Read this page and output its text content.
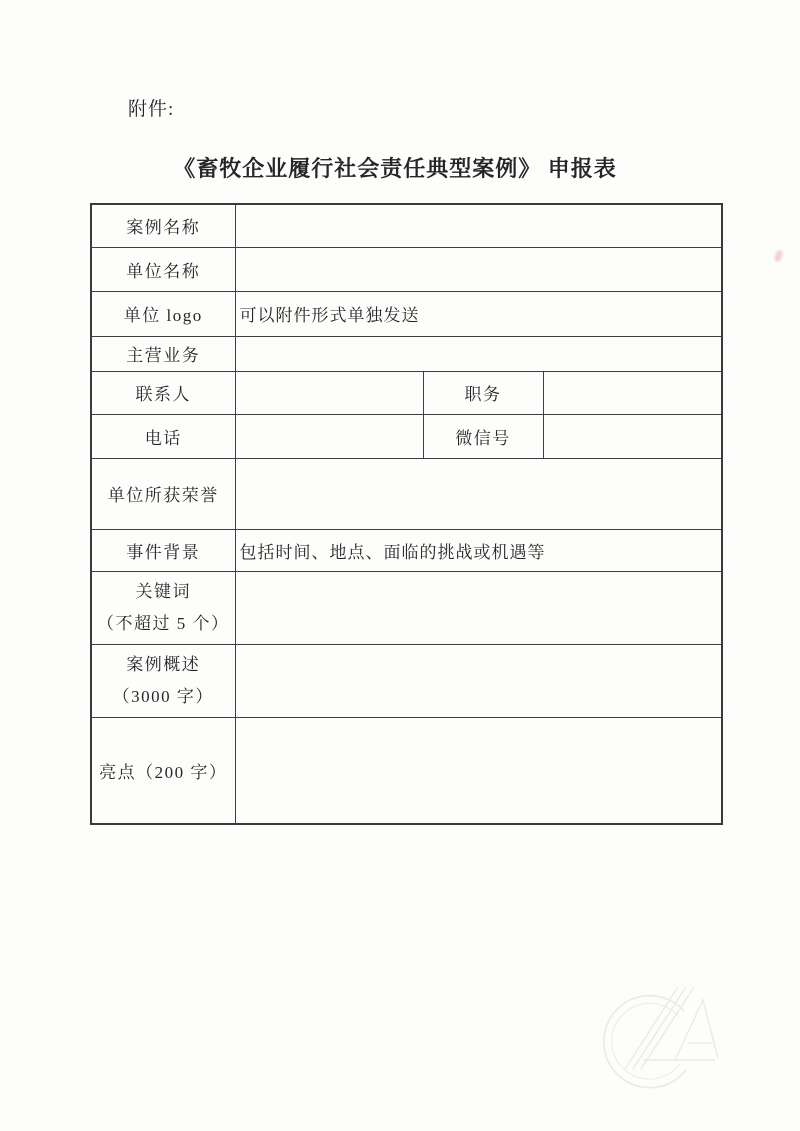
附件:
《畜牧企业履行社会责任典型案例》 申报表
案例名称			
单位名称			
单位 logo	可以附件形式单独发送		
主营业务			
联系人		职务	
电话		微信号	
单位所获荣誉			
事件背景	包括时间、地点、面临的挑战或机遇等		

关键词
（不超过 5 个）			

案例概述
（3000 字）			

亮点（200 字）			
